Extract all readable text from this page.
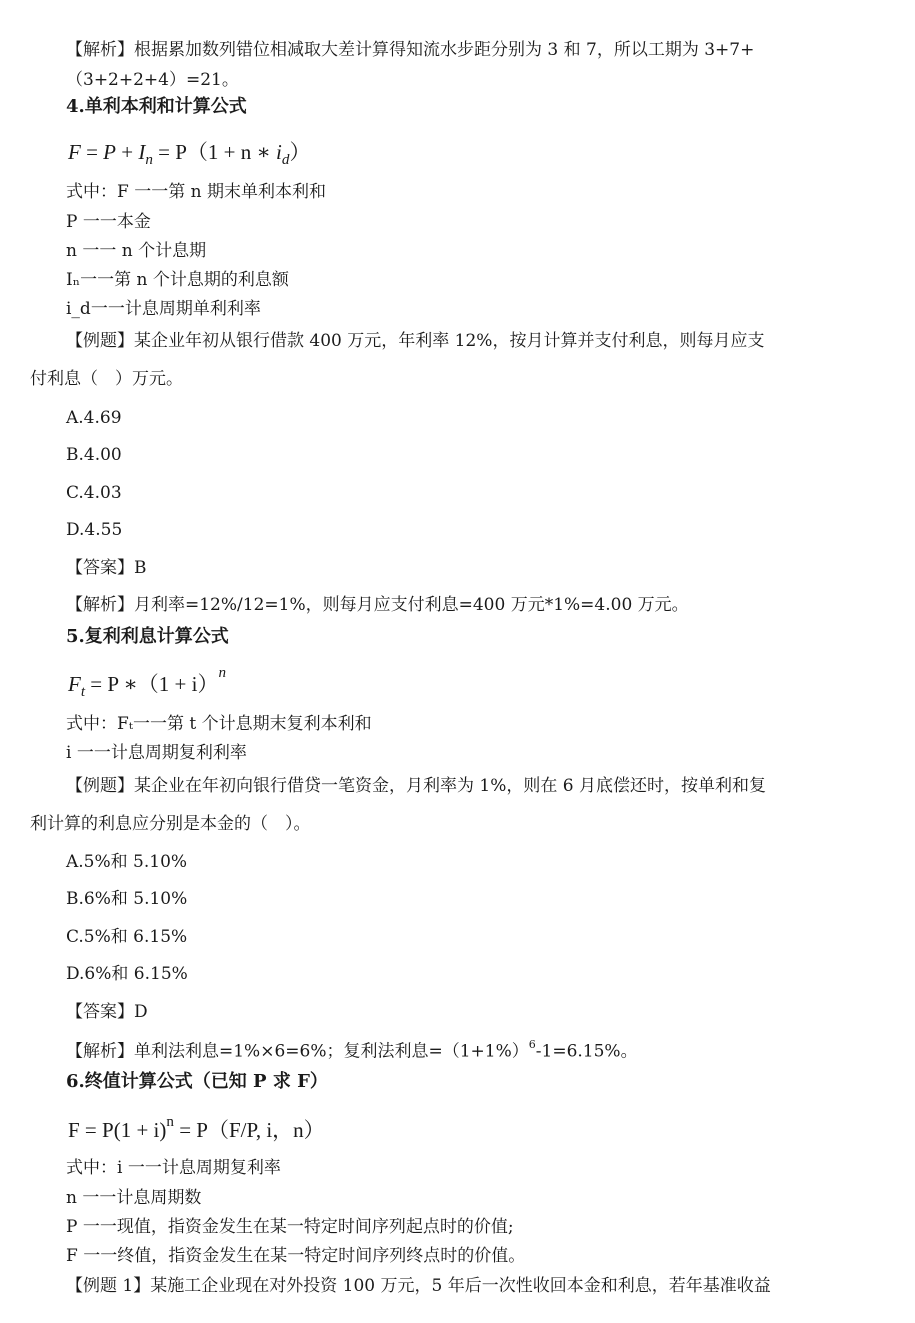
【解析】根据累加数列错位相减取大差计算得知流水步距分别为 3 和 7，所以工期为 3+7+
（3+2+2+4）=21。
4.单利本利和计算公式
$F = P + I_n = P(1 + n$ ∗ $i_d$）
式中：F 一一第 n 期末单利本利和
P 一一本金
n 一一 n 个计息期
Iₙ一一第 n 个计息期的利息额
i_d一一计息周期单利利率
【例题】某企业年初从银行借款 400 万元，年利率 12%，按月计算并支付利息，则每月应支
付利息（　）万元。
A.4.69
B.4.00
C.4.03
D.4.55
【答案】B
【解析】月利率=12%/12=1%，则每月应支付利息=400 万元*1%=4.00 万元。
5.复利利息计算公式
$F_t = P$ ∗（1 + i）$^n$
式中：Fₜ一一第 t 个计息期末复利本利和
i 一一计息周期复利利率
【例题】某企业在年初向银行借贷一笔资金，月利率为 1%，则在 6 月底偿还时，按单利和复
利计算的利息应分别是本金的（　）。
A.5%和 5.10%
B.6%和 5.10%
C.5%和 6.15%
D.6%和 6.15%
【答案】D
【解析】单利法利息=1%×6=6%；复利法利息$=(1+1\%)^6-1=6.15\%$。
6.终值计算公式（已知 P 求 F）
$F = P(1 + i)^n = P(F/P$, i，n）
式中：i 一一计息周期复利率
n 一一计息周期数
P 一一现值，指资金发生在某一特定时间序列起点时的价值;
F 一一终值，指资金发生在某一特定时间序列终点时的价值。
【例题 1】某施工企业现在对外投资 100 万元，5 年后一次性收回本金和利息，若年基准收益
